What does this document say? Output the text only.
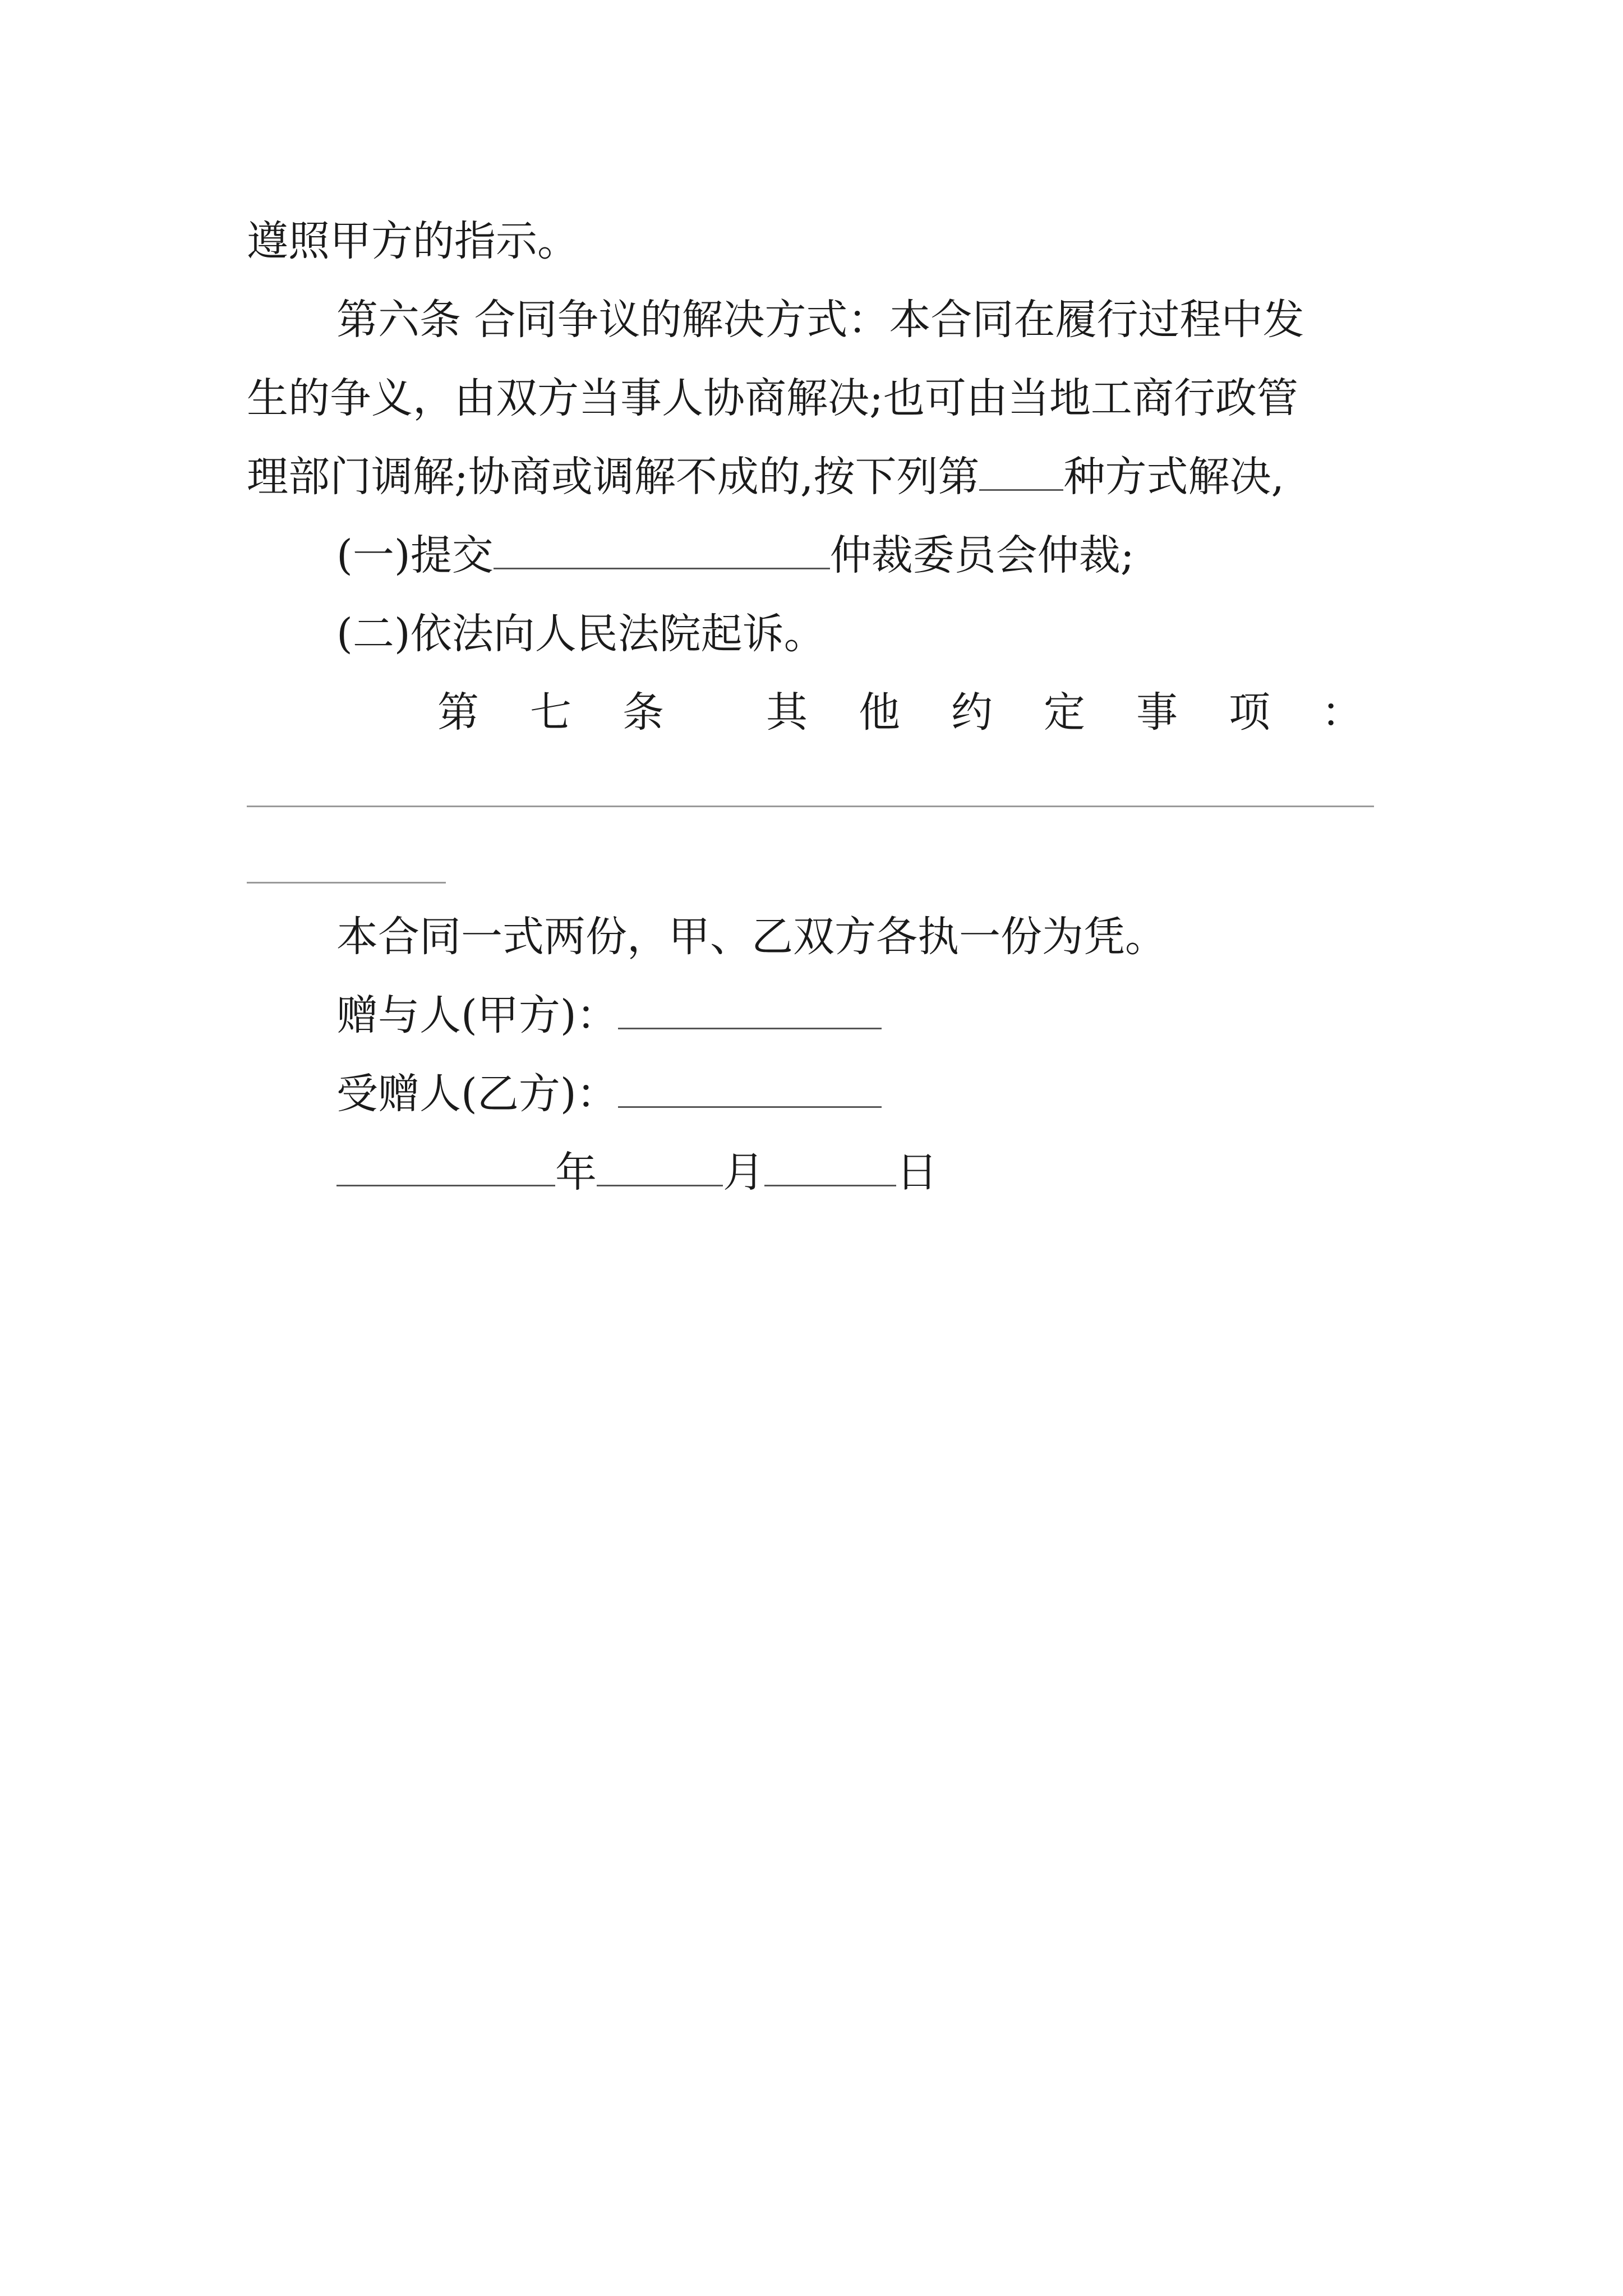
遵照甲方的指示。
第六条 合同争议的解决方式：本合同在履行过程中发
生的争义，由双方当事人协商解决;也可由当地工商行政管
理部门调解;协商或调解不成的,按下列第 种方式解决,
(一)提交	仲裁委员会仲裁;
(二)依法向人民法院起诉。
第 七 条 其 他 约 定 事 项 ：
本合同一式两份，甲、乙双方各执一份为凭。
赠与人(甲方)：
受赠人(乙方)：
年	月	日
